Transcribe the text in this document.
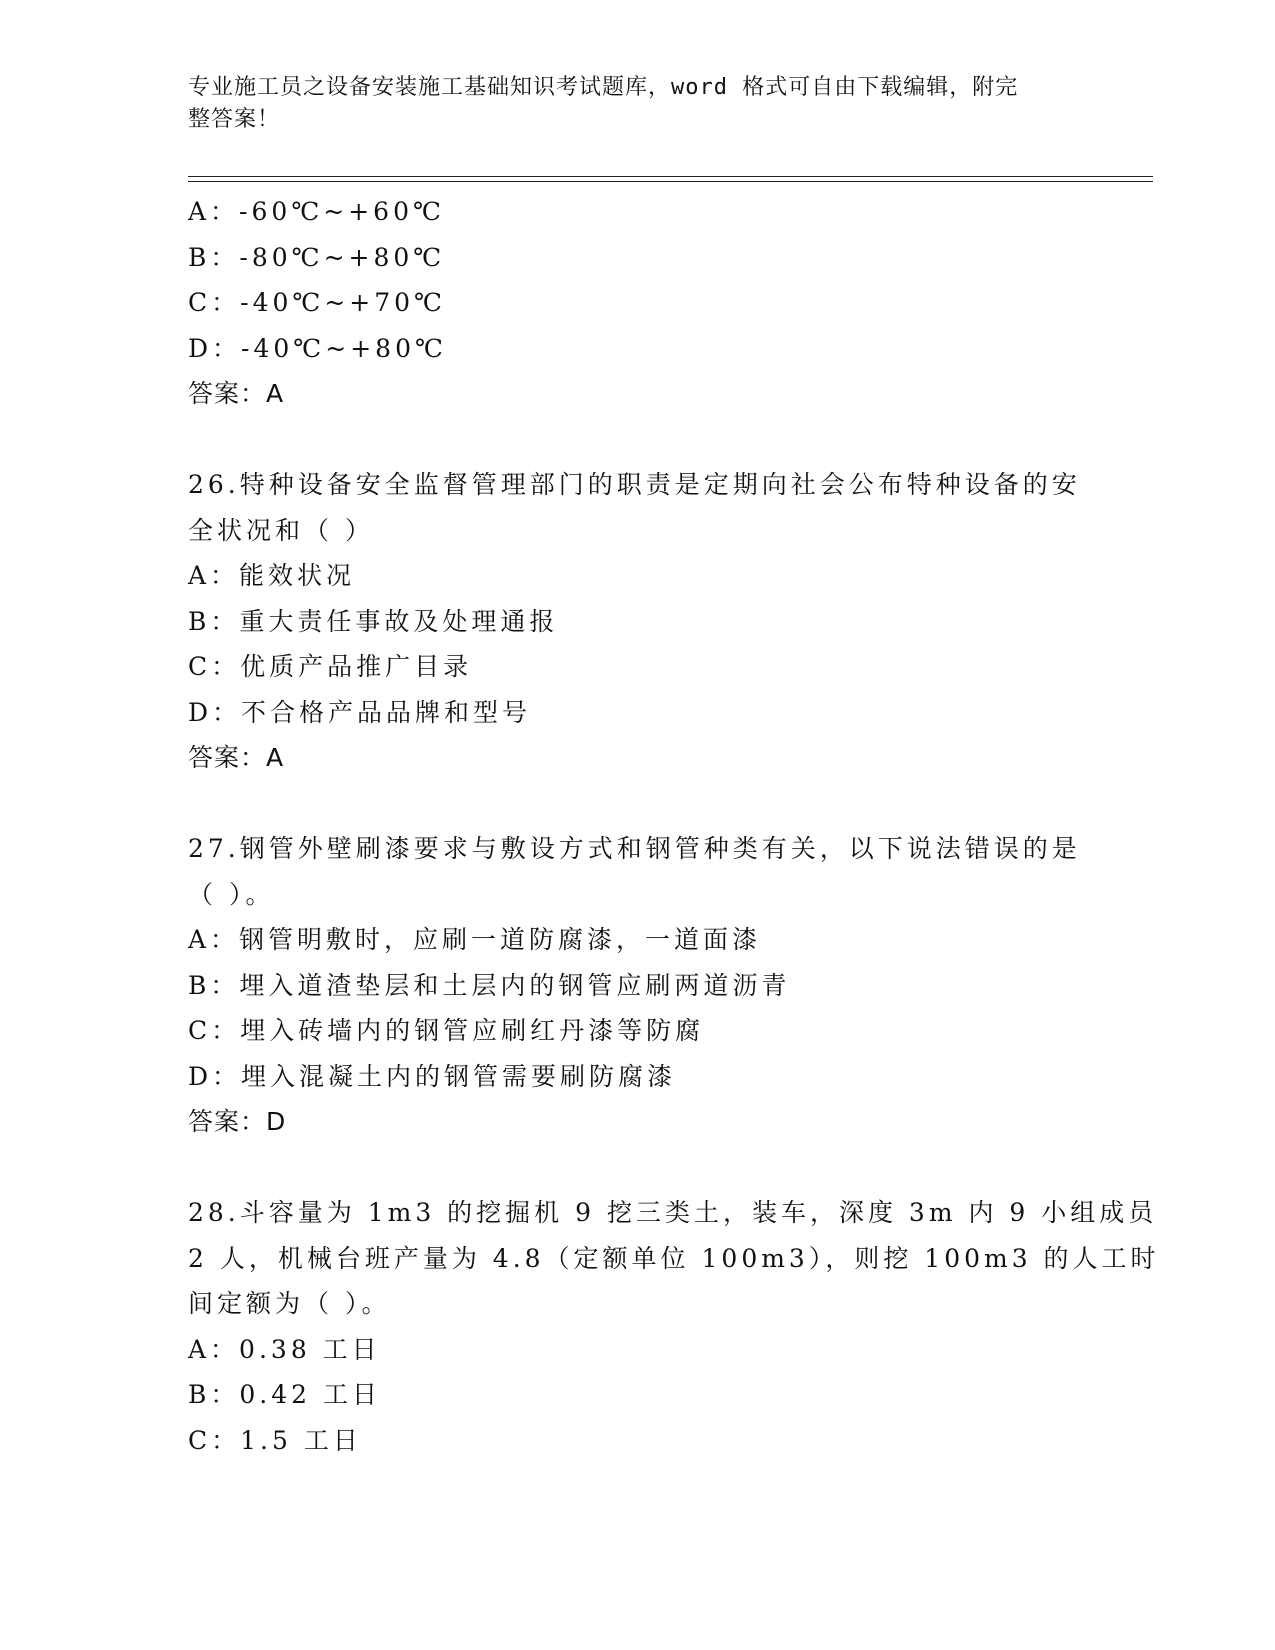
专业施工员之设备安装施工基础知识考试题库，word 格式可自由下载编辑，附完
整答案！

A：-60℃~+60℃

B：-80℃~+80℃

C：-40℃~+70℃

D：-40℃~+80℃

答案：A

26.特种设备安全监督管理部门的职责是定期向社会公布特种设备的安

全状况和（ ）

A：能效状况

B：重大责任事故及处理通报

C：优质产品推广目录

D：不合格产品品牌和型号

答案：A

27.钢管外壁刷漆要求与敷设方式和钢管种类有关，以下说法错误的是

（ ）。

A：钢管明敷时，应刷一道防腐漆，一道面漆

B：埋入道渣垫层和土层内的钢管应刷两道沥青

C：埋入砖墙内的钢管应刷红丹漆等防腐

D：埋入混凝土内的钢管需要刷防腐漆

答案：D

28.斗容量为 1m3 的挖掘机 9 挖三类土，装车，深度 3m 内 9 小组成员

2 人，机械台班产量为 4.8（定额单位 100m3），则挖 100m3 的人工时

间定额为（ ）。

A：0.38 工日

B：0.42 工日

C：1.5 工日
